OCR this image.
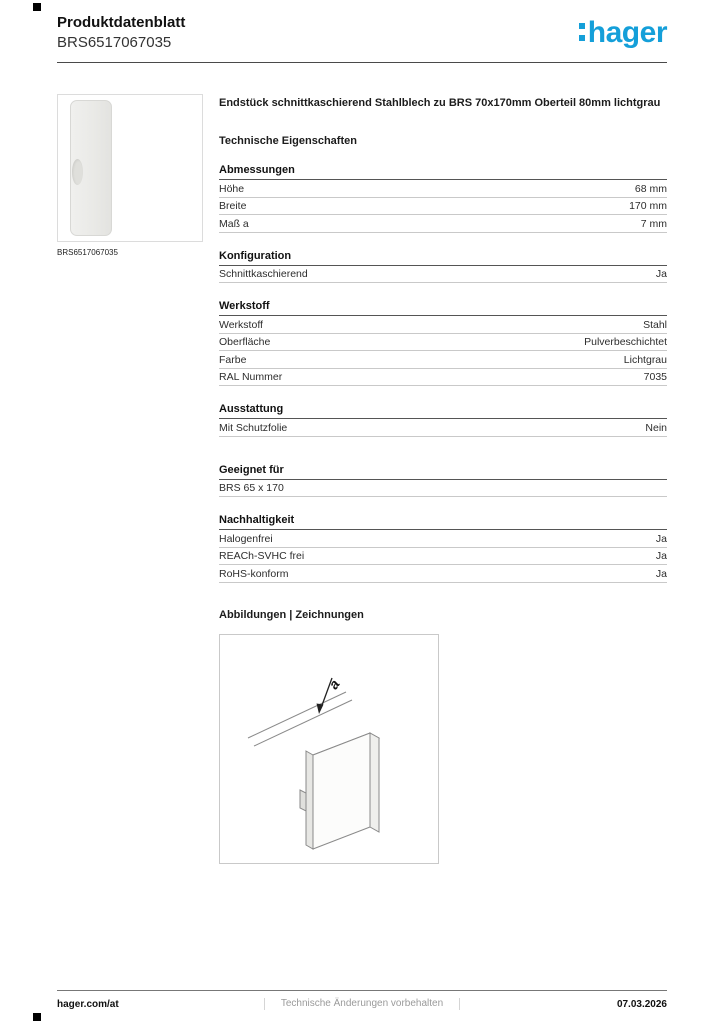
Produktdatenblatt
BRS6517067035	hager
BRS6517067035
Endstück schnittkaschierend Stahlblech zu BRS 70x170mm Oberteil 80mm lichtgrau
Technische Eigenschaften
Abmessungen
Höhe	68 mm
Breite	170 mm
Maß a	7 mm
Konfiguration
Schnittkaschierend	Ja
Werkstoff
Werkstoff	Stahl
Oberfläche	Pulverbeschichtet
Farbe	Lichtgrau
RAL Nummer	7035
Ausstattung
Mit Schutzfolie	Nein
Geeignet für
BRS 65 x 170
Nachhaltigkeit
Halogenfrei	Ja
REACh-SVHC frei	Ja
RoHS-konform	Ja
Abbildungen | Zeichnungen
a
hager.com/at	Technische Änderungen vorbehalten	07.03.2026
